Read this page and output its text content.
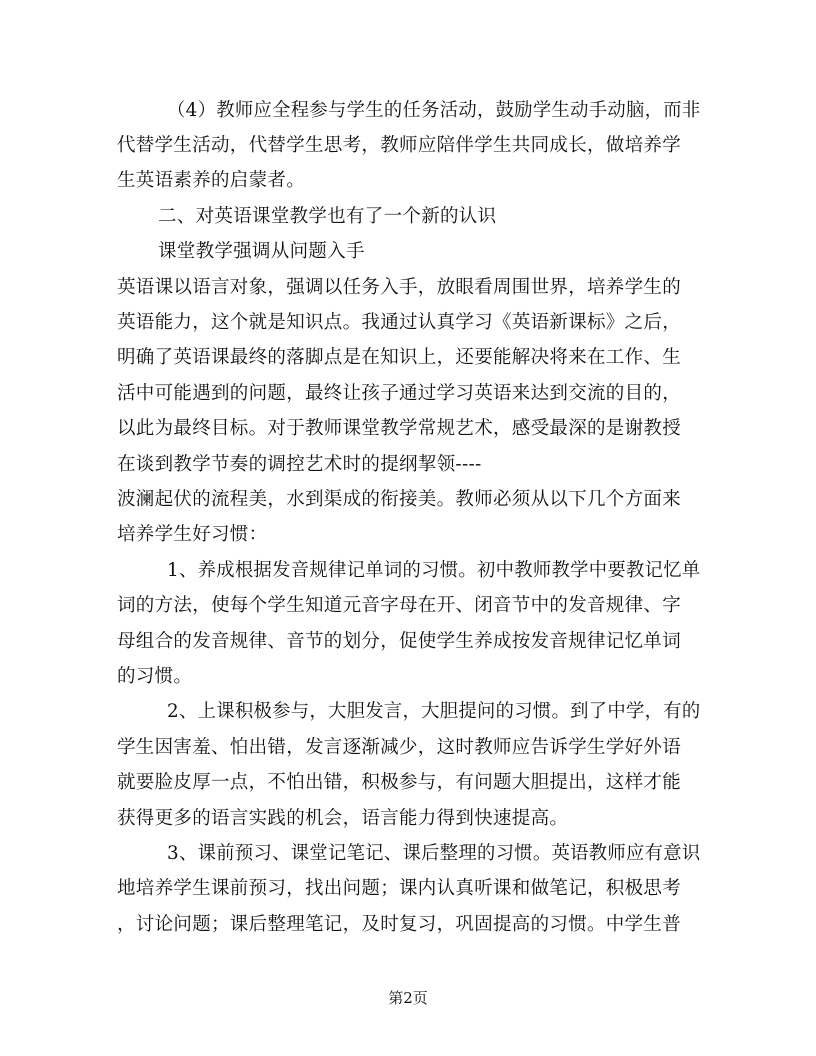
（4）教师应全程参与学生的任务活动，鼓励学生动手动脑，而非
代替学生活动，代替学生思考，教师应陪伴学生共同成长，做培养学
生英语素养的启蒙者。
二、对英语课堂教学也有了一个新的认识
课堂教学强调从问题入手
英语课以语言对象，强调以任务入手，放眼看周围世界，培养学生的
英语能力，这个就是知识点。我通过认真学习《英语新课标》之后，
明确了英语课最终的落脚点是在知识上，还要能解决将来在工作、生
活中可能遇到的问题，最终让孩子通过学习英语来达到交流的目的，
以此为最终目标。对于教师课堂教学常规艺术，感受最深的是谢教授
在谈到教学节奏的调控艺术时的提纲挈领----
波澜起伏的流程美，水到渠成的衔接美。教师必须从以下几个方面来
培养学生好习惯：
1、养成根据发音规律记单词的习惯。初中教师教学中要教记忆单
词的方法，使每个学生知道元音字母在开、闭音节中的发音规律、字
母组合的发音规律、音节的划分，促使学生养成按发音规律记忆单词
的习惯。
2、上课积极参与，大胆发言，大胆提问的习惯。到了中学，有的
学生因害羞、怕出错，发言逐渐减少，这时教师应告诉学生学好外语
就要脸皮厚一点，不怕出错，积极参与，有问题大胆提出，这样才能
获得更多的语言实践的机会，语言能力得到快速提高。
3、课前预习、课堂记笔记、课后整理的习惯。英语教师应有意识
地培养学生课前预习，找出问题；课内认真听课和做笔记，积极思考
，讨论问题；课后整理笔记，及时复习，巩固提高的习惯。中学生普
第2页
